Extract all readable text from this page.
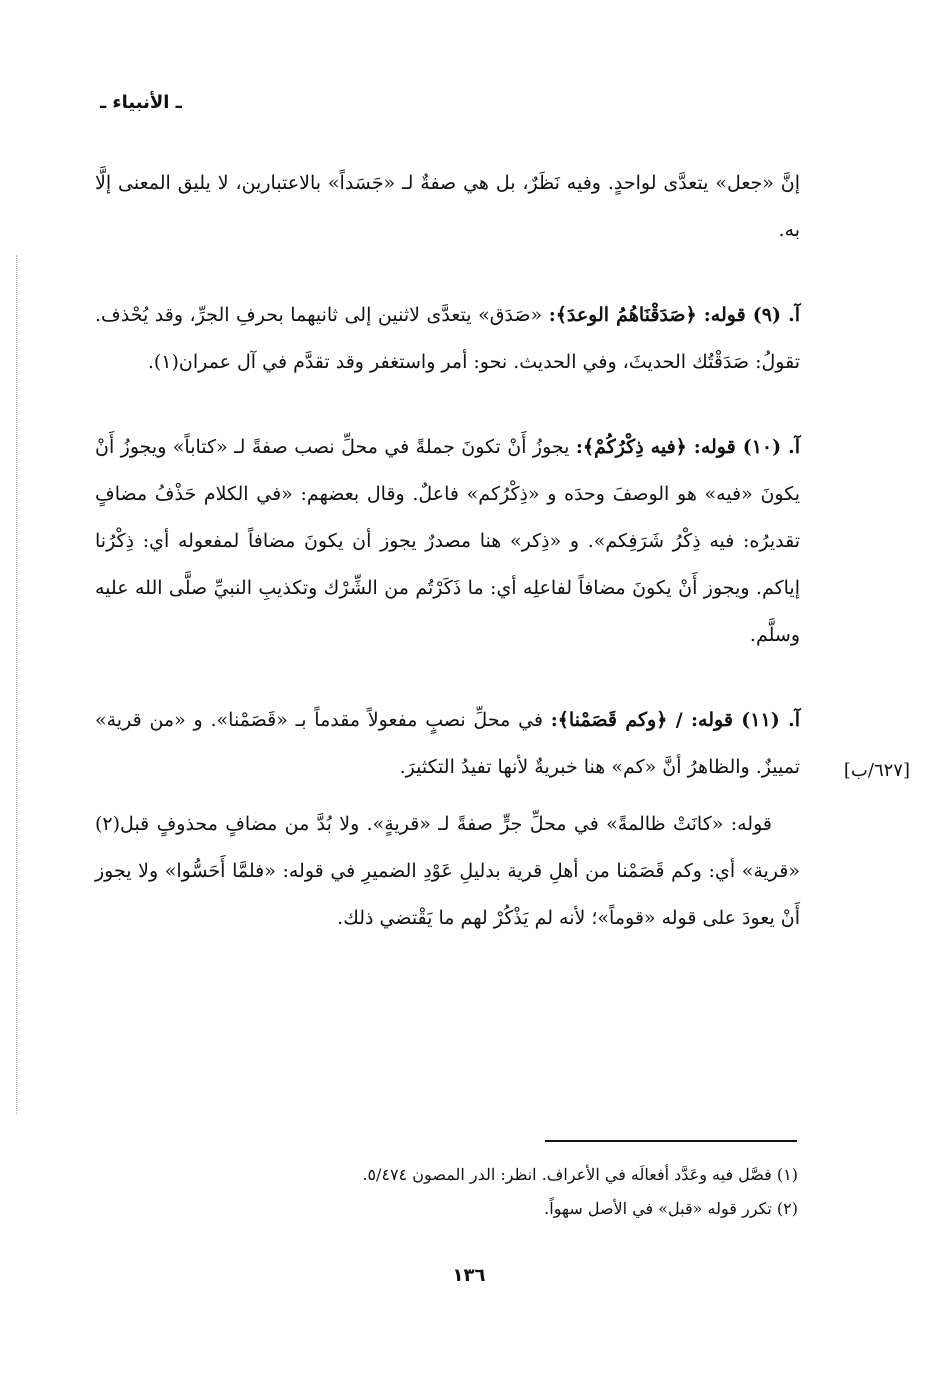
ـ الأنبياء ـ
[٦٢٧/ب]

إنَّ «جعل» يتعدَّى لواحدٍ. وفيه نَظَرٌ، بل هي صفةٌ لـ «جَسَداً» بالاعتبارين، لا يليق المعنى إلَّا به.

آ. (٩) قوله: ﴿صَدَقْنَاهُمُ الوعدَ﴾: «صَدَق» يتعدَّى لاثنين إلى ثانيهما بحرفِ الجرِّ، وقد يُحْذف. تقولُ: صَدَقْتُك الحديثَ، وفي الحديث. نحو: أمر واستغفر وقد تقدَّم في آل عمران(١).

آ. (١٠) قوله: ﴿فيه ذِكْرُكُمْ﴾: يجوزُ أَنْ تكونَ جملةً في محلِّ نصب صفةً لـ «كتاباً» ويجوزُ أَنْ يكونَ «فيه» هو الوصفَ وحدَه و «ذِكْرُكم» فاعلٌ. وقال بعضهم: «في الكلام حَذْفُ مضافٍ تقديرُه: فيه ذِكْرُ شَرَفِكم». و «ذِكر» هنا مصدرٌ يجوز أن يكونَ مضافاً لمفعوله أي: ذِكْرُنا إياكم. ويجوز أَنْ يكونَ مضافاً لفاعلِه أي: ما ذَكَرْتُم من الشِّرْك وتكذيبِ النبيِّ صلَّى الله عليه وسلَّم.

آ. (١١) قوله: / ﴿وكم قَصَمْنا﴾: في محلِّ نصبٍ مفعولاً مقدماً بـ «قَصَمْنا». و «من قرية» تمييزٌ. والظاهرُ أنَّ «كم» هنا خبريةٌ لأنها تفيدُ التكثيرَ.

قوله: «كانَتْ ظالمةً» في محلِّ جرٍّ صفةً لـ «قريةٍ». ولا بُدَّ من مضافٍ محذوفٍ قبل(٢) «قرية» أي: وكم قَصَمْنا من أهلِ قرية بدليلِ عَوْدِ الضميرِ في قوله: «فلمَّا أَحَسُّوا» ولا يجوز أَنْ يعودَ على قوله «قوماً»؛ لأنه لم يَذْكُرْ لهم ما يَقْتضي ذلك.

(١) فصَّل فيه وعَدَّد أفعالَه في الأعراف. انظر: الدر المصون ٥/٤٧٤.

(٢) تكرر قوله «قبل» في الأصل سهواً.

١٣٦
